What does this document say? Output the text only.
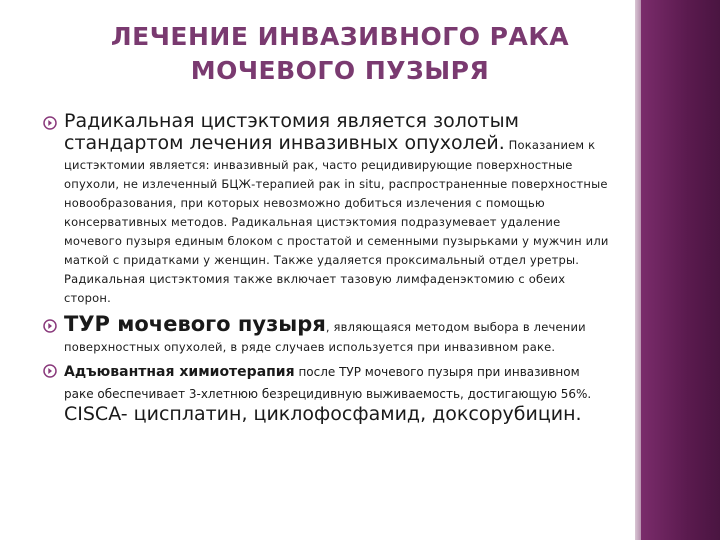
ЛЕЧЕНИЕ ИНВАЗИВНОГО РАКА
МОЧЕВОГО ПУЗЫРЯ
Радикальная цистэктомия является золотым стандартом лечения инвазивных опухолей. Показанием к цистэктомии является: инвазивный рак, часто рецидивирующие поверхностные опухоли, не излеченный БЦЖ-терапией рак in situ, распространенные поверхностные новообразования, при которых невозможно добиться излечения с помощью консервативных методов. Радикальная цистэктомия подразумевает удаление мочевого пузыря единым блоком с простатой и семенными пузырьками у мужчин или маткой с придатками у женщин. Также удаляется проксимальный отдел уретры. Радикальная цистэктомия также включает тазовую лимфаденэктомию с обеих сторон.
ТУР мочевого пузыря, являющаяся методом выбора в лечении поверхностных опухолей, в ряде случаев используется при инвазивном раке.
Адъювантная химиотерапия после ТУР мочевого пузыря при инвазивном раке обеспечивает 3-хлетнюю безрецидивную выживаемость, достигающую 56%. CISCA- цисплатин, циклофосфамид, доксорубицин.
